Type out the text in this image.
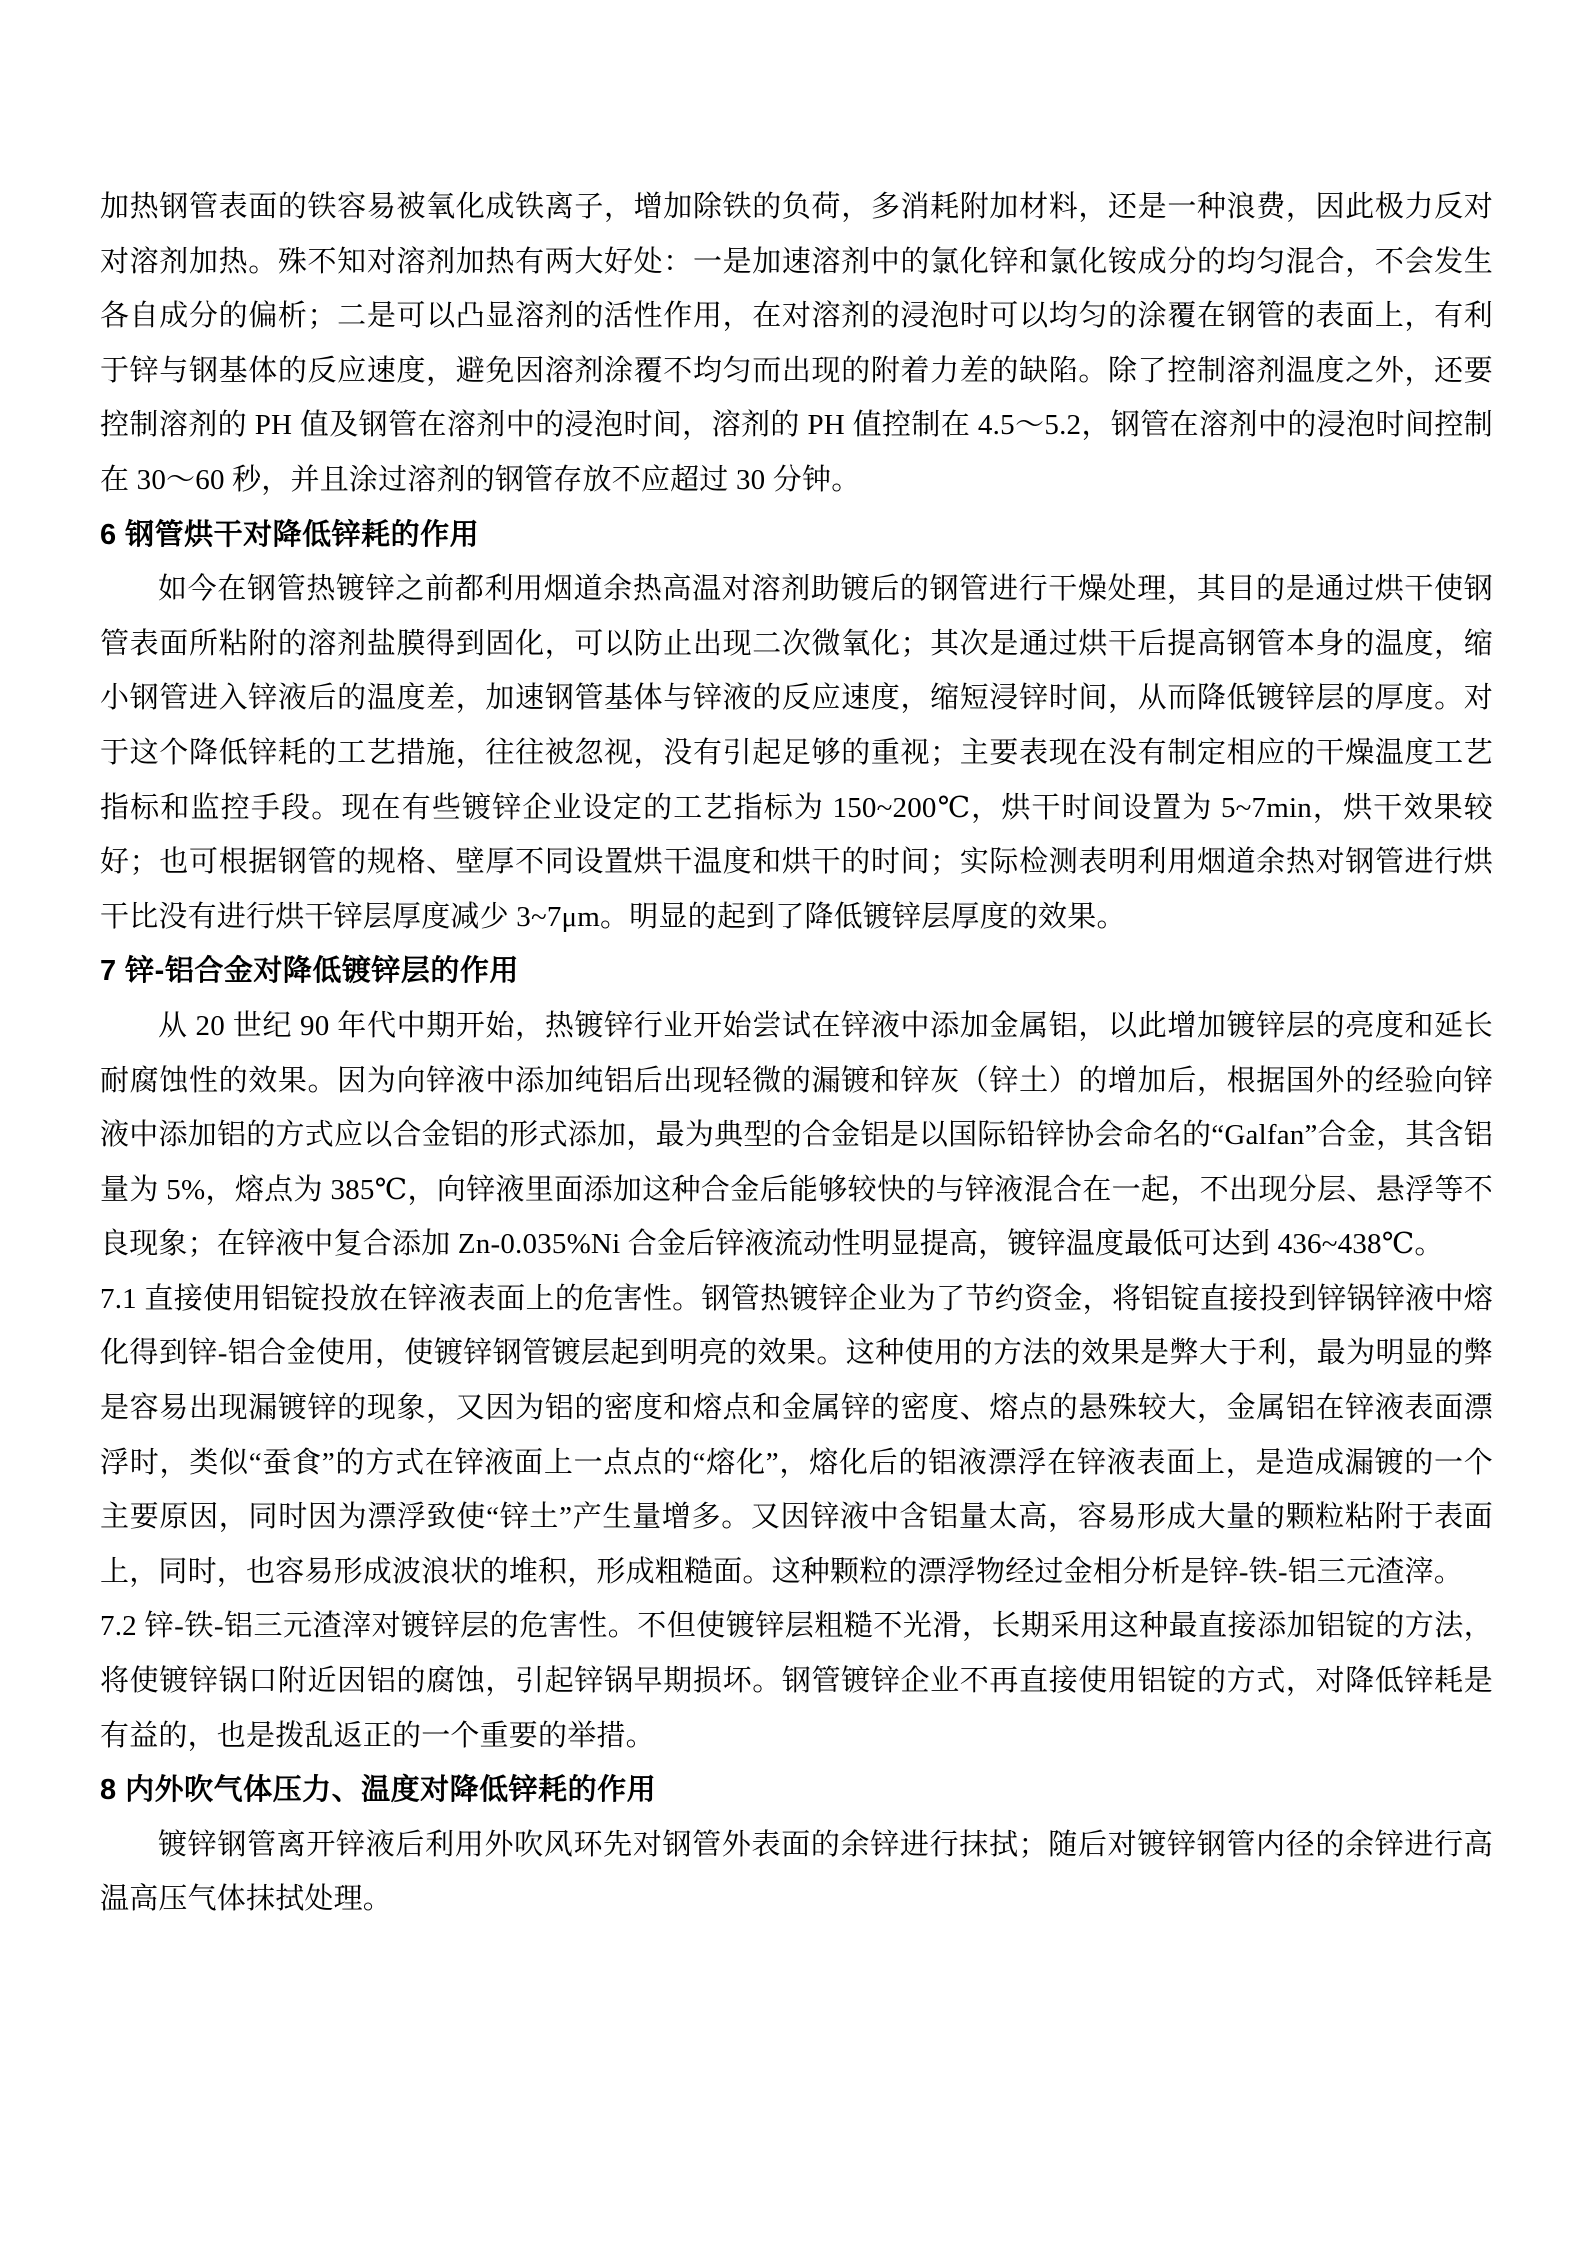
加热钢管表面的铁容易被氧化成铁离子，增加除铁的负荷，多消耗附加材料，还是一种浪费，因此极力反对对溶剂加热。殊不知对溶剂加热有两大好处：一是加速溶剂中的氯化锌和氯化铵成分的均匀混合，不会发生各自成分的偏析；二是可以凸显溶剂的活性作用，在对溶剂的浸泡时可以均匀的涂覆在钢管的表面上，有利于锌与钢基体的反应速度，避免因溶剂涂覆不均匀而出现的附着力差的缺陷。除了控制溶剂温度之外，还要控制溶剂的 PH 值及钢管在溶剂中的浸泡时间，溶剂的 PH 值控制在 4.5～5.2，钢管在溶剂中的浸泡时间控制在 30～60 秒，并且涂过溶剂的钢管存放不应超过 30 分钟。

6 钢管烘干对降低锌耗的作用

如今在钢管热镀锌之前都利用烟道余热高温对溶剂助镀后的钢管进行干燥处理，其目的是通过烘干使钢管表面所粘附的溶剂盐膜得到固化，可以防止出现二次微氧化；其次是通过烘干后提高钢管本身的温度，缩小钢管进入锌液后的温度差，加速钢管基体与锌液的反应速度，缩短浸锌时间，从而降低镀锌层的厚度。对于这个降低锌耗的工艺措施，往往被忽视，没有引起足够的重视；主要表现在没有制定相应的干燥温度工艺指标和监控手段。现在有些镀锌企业设定的工艺指标为 150~200℃，烘干时间设置为 5~7min，烘干效果较好；也可根据钢管的规格、壁厚不同设置烘干温度和烘干的时间；实际检测表明利用烟道余热对钢管进行烘干比没有进行烘干锌层厚度减少 3~7μm。明显的起到了降低镀锌层厚度的效果。

7 锌-铝合金对降低镀锌层的作用

从 20 世纪 90 年代中期开始，热镀锌行业开始尝试在锌液中添加金属铝，以此增加镀锌层的亮度和延长耐腐蚀性的效果。因为向锌液中添加纯铝后出现轻微的漏镀和锌灰（锌土）的增加后，根据国外的经验向锌液中添加铝的方式应以合金铝的形式添加，最为典型的合金铝是以国际铅锌协会命名的“Galfan”合金，其含铝量为 5%，熔点为 385℃，向锌液里面添加这种合金后能够较快的与锌液混合在一起，不出现分层、悬浮等不良现象；在锌液中复合添加 Zn-0.035%Ni 合金后锌液流动性明显提高，镀锌温度最低可达到 436~438℃。

7.1 直接使用铝锭投放在锌液表面上的危害性。钢管热镀锌企业为了节约资金，将铝锭直接投到锌锅锌液中熔化得到锌-铝合金使用，使镀锌钢管镀层起到明亮的效果。这种使用的方法的效果是弊大于利，最为明显的弊是容易出现漏镀锌的现象，又因为铝的密度和熔点和金属锌的密度、熔点的悬殊较大，金属铝在锌液表面漂浮时，类似“蚕食”的方式在锌液面上一点点的“熔化”，熔化后的铝液漂浮在锌液表面上，是造成漏镀的一个主要原因，同时因为漂浮致使“锌土”产生量增多。又因锌液中含铝量太高，容易形成大量的颗粒粘附于表面上，同时，也容易形成波浪状的堆积，形成粗糙面。这种颗粒的漂浮物经过金相分析是锌-铁-铝三元渣滓。

7.2 锌-铁-铝三元渣滓对镀锌层的危害性。不但使镀锌层粗糙不光滑，长期采用这种最直接添加铝锭的方法，将使镀锌锅口附近因铝的腐蚀，引起锌锅早期损坏。钢管镀锌企业不再直接使用铝锭的方式，对降低锌耗是有益的，也是拨乱返正的一个重要的举措。

8 内外吹气体压力、温度对降低锌耗的作用

镀锌钢管离开锌液后利用外吹风环先对钢管外表面的余锌进行抹拭；随后对镀锌钢管内径的余锌进行高温高压气体抹拭处理。
